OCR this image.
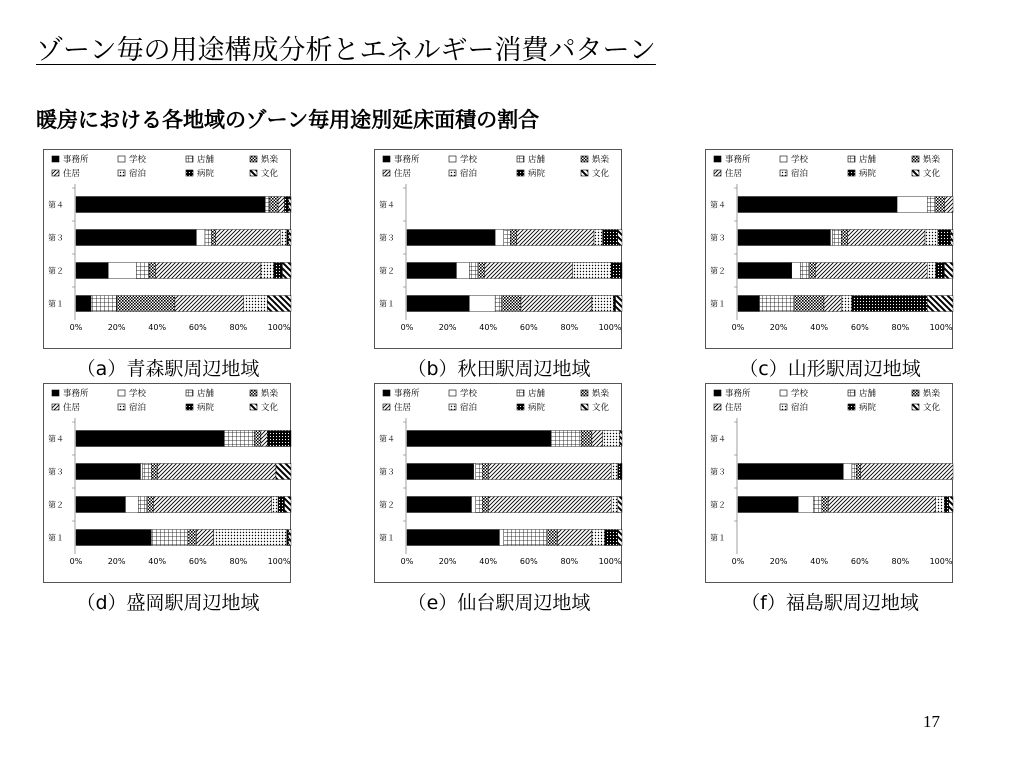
ゾーン毎の用途構成分析とエネルギー消費パターン
暖房における各地域のゾーン毎用途別延床面積の割合
事務所	学校	店舗	娯楽
住居	宿泊	病院	文化
第４
第３
第２
第１
0%	20%	40%	60%	80%	100%
事務所	学校	店舗	娯楽
住居	宿泊	病院	文化
第４
第３
第２
第１
0%	20%	40%	60%	80%	100%
事務所	学校	店舗	娯楽
住居	宿泊	病院	文化
第４
第３
第２
第１
0%	20%	40%	60%	80%	100%
事務所	学校	店舗	娯楽
住居	宿泊	病院	文化
第４
第３
第２
第１
0%	20%	40%	60%	80%	100%
事務所	学校	店舗	娯楽
住居	宿泊	病院	文化
第４
第３
第２
第１
0%	20%	40%	60%	80%	100%
事務所	学校	店舗	娯楽
住居	宿泊	病院	文化
第４
第３
第２
第１
0%	20%	40%	60%	80%	100%
（a）青森駅周辺地域	（b）秋田駅周辺地域	（c）山形駅周辺地域
（d）盛岡駅周辺地域	（e）仙台駅周辺地域	（f）福島駅周辺地域
17
